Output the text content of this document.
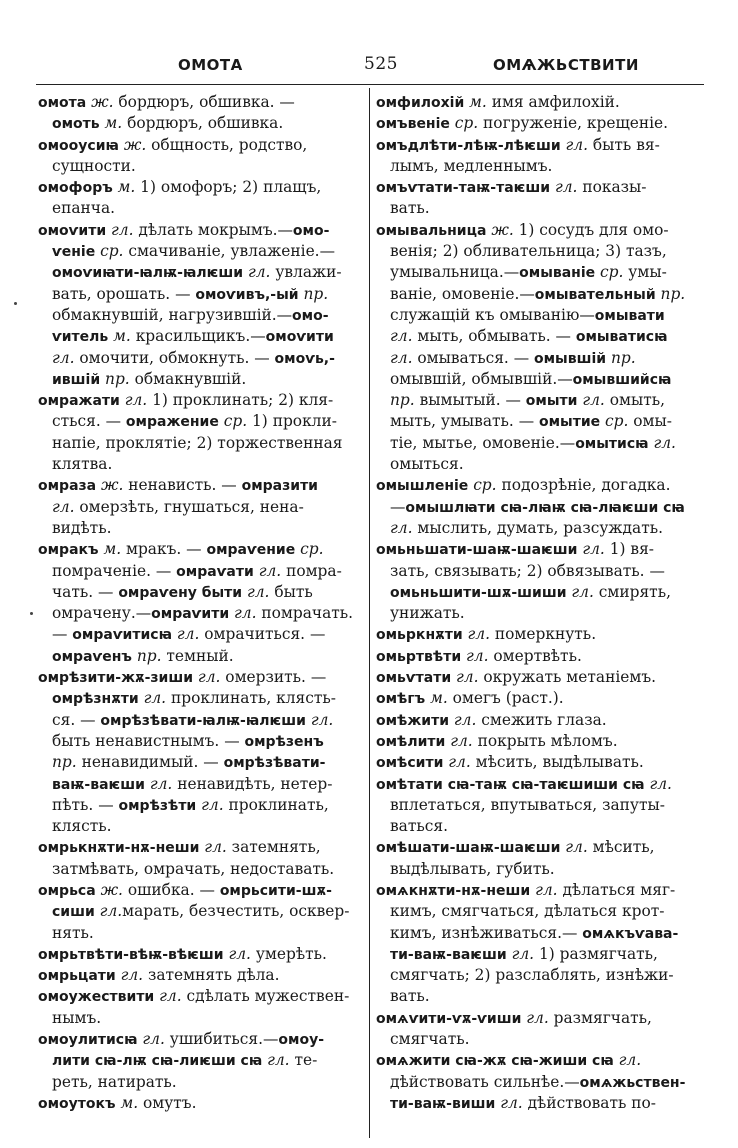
ОМОТА	525	ОМѦЖЬСТВИТИ
омота ж. бордюръ, обшивка. —
омоть м. бордюръ, обшивка.
омооусиꙗ ж. общность, родство,
сущности.
омофоръ м. 1) омофоръ; 2) плащъ,
епанча.
омоѵити гл. дѣлать мокрымъ.—омо-
ѵеніе ср. смачиваніе, увлаженіе.—
омоѵиꙗти-ꙗлѭ-ꙗлѥши гл. увлажи-
вать, орошать. — омоѵивъ,-ый пр.
обмакнувшій, нагрузившій.—омо-
ѵитель м. красильщикъ.—омоѵити
гл. омочити, обмокнуть. — омоѵь,-
ившій пр. обмакнувшій.
омражати гл. 1) проклинать; 2) кля-
сться. — омражение ср. 1) прокли-
напіе, проклятіе; 2) торжественная
клятва.
омраза ж. ненависть. — омразити
гл. омерзѣть, гнушаться, нена-
видѣть.
омракъ м. мракъ. — омраѵение ср.
помраченіе. — омраѵати гл. помра-
чать. — омраѵену быти гл. быть
омрачену.—омраѵити гл. помрачать.
— омраѵитисꙗ гл. омрачиться. —
омраѵенъ пр. темный.
омрѣзити-жѫ-зиши гл. омерзить. —
омрѣзнѫти гл. проклинать, клясть-
ся. — омрѣзѣвати-ꙗлѭ-ꙗлѥши гл.
быть ненавистнымъ. — омрѣзенъ
пр. ненавидимый. — омрѣзѣвати-
ваѭ-ваѥши гл. ненавидѣть, нетер-
пѣть. — омрѣзѣти гл. проклинать,
клясть.
омрькнѫти-нѫ-неши гл. затемнять,
затмѣвать, омрачать, недоставать.
омрьса ж. ошибка. — омрьсити-шѫ-
сиши гл.марать, безчестить, осквер-
нять.
омрьтвѣти-вѣѭ-вѣѥши гл. умерѣть.
омрьцати гл. затемнять дѣла.
омоужествити гл. сдѣлать мужествен-
нымъ.
омоулитисꙗ гл. ушибиться.—омоу-
лити сꙗ-лѭ сꙗ-лиѥши сꙗ гл. те-
реть, натирать.
омоутокъ м. омутъ.
омфилохій м. имя амфилохій.
омъвеніе ср. погруженіе, крещеніе.
омъдлѣти-лѣѭ-лѣѥши гл. быть вя-
лымъ, медленнымъ.
омъѵтати-таѭ-таѥши гл. показы-
вать.
омывальница ж. 1) сосудъ для омо-
венія; 2) обливательница; 3) тазъ,
умывальница.—омываніе ср. умы-
ваніе, омовеніе.—омывательный пр.
служащій къ омыванію—омывати
гл. мыть, обмывать. — омыватисꙗ
гл. омываться. — омывшій пр.
омывшій, обмывшій.—омывшийсꙗ
пр. вымытый. — омыти гл. омыть,
мыть, умывать. — омытие ср. омы-
тіе, мытье, омовеніе.—омытисꙗ гл.
омыться.
омышленіе ср. подозрѣніе, догадка.
—омышлꙗти сꙗ-лꙗѭ сꙗ-лꙗѥши сꙗ
гл. мыслить, думать, разсуждать.
омьньшати-шаѭ-шаѥши гл. 1) вя-
зать, связывать; 2) обвязывать. —
омьньшити-шѫ-шиши гл. смирять,
унижать.
омьркнѫти гл. померкнуть.
омьртвѣти гл. омертвѣть.
омьѵтати гл. окружать метаніемъ.
омѣгъ м. омегъ (раст.).
омѣжити гл. смежить глаза.
омѣлити гл. покрыть мѣломъ.
омѣсити гл. мѣсить, выдѣлывать.
омѣтати сꙗ-таѭ сꙗ-таѥшиши сꙗ гл.
вплетаться, впутываться, запуты-
ваться.
омѣшати-шаѭ-шаѥши гл. мѣсить,
выдѣлывать, губить.
омѧкнѫти-нѫ-неши гл. дѣлаться мяг-
кимъ, смягчаться, дѣлаться крот-
кимъ, изнѣживаться.— омѧкъѵава-
ти-ваѭ-ваѥши гл. 1) размягчать,
смягчать; 2) разслаблять, изнѣжи-
вать.
омѧѵити-ѵѫ-ѵиши гл. размягчать,
смягчать.
омѧжити сꙗ-жѫ сꙗ-жиши сꙗ гл.
дѣйствовать сильнѣе.—омѧжьствен-
ти-ваѭ-виши гл. дѣйствовать по-
